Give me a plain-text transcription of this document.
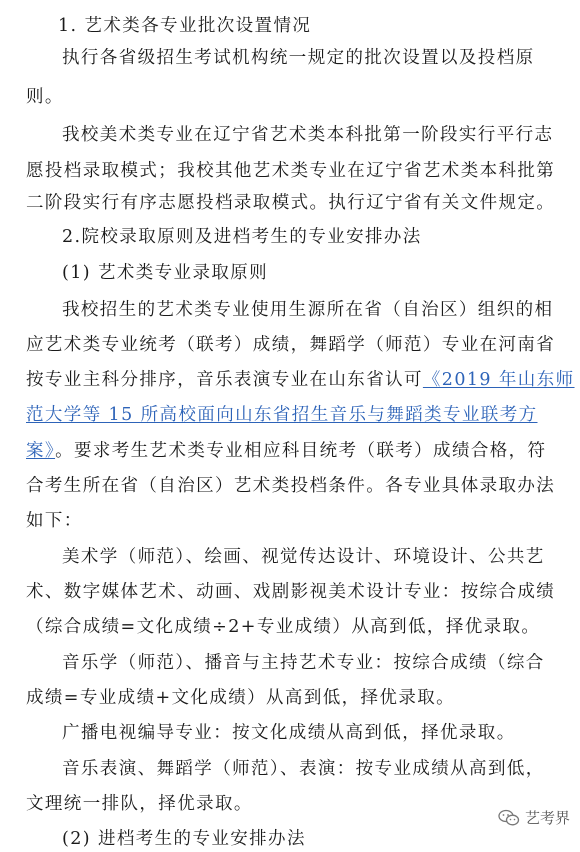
1. 艺术类各专业批次设置情况
执行各省级招生考试机构统一规定的批次设置以及投档原
则。
我校美术类专业在辽宁省艺术类本科批第一阶段实行平行志
愿投档录取模式；我校其他艺术类专业在辽宁省艺术类本科批第
二阶段实行有序志愿投档录取模式。执行辽宁省有关文件规定。
2.院校录取原则及进档考生的专业安排办法
(1) 艺术类专业录取原则
我校招生的艺术类专业使用生源所在省（自治区）组织的相
应艺术类专业统考（联考）成绩，舞蹈学（师范）专业在河南省
按专业主科分排序，音乐表演专业在山东省认可《2019 年山东师
范大学等 15 所高校面向山东省招生音乐与舞蹈类专业联考方
案》。要求考生艺术类专业相应科目统考（联考）成绩合格，符
合考生所在省（自治区）艺术类投档条件。各专业具体录取办法
如下：
美术学（师范）、绘画、视觉传达设计、环境设计、公共艺
术、数字媒体艺术、动画、戏剧影视美术设计专业：按综合成绩
（综合成绩=文化成绩÷2+专业成绩）从高到低，择优录取。
音乐学（师范）、播音与主持艺术专业：按综合成绩（综合
成绩=专业成绩+文化成绩）从高到低，择优录取。
广播电视编导专业：按文化成绩从高到低，择优录取。
音乐表演、舞蹈学（师范）、表演：按专业成绩从高到低，
文理统一排队，择优录取。
(2) 进档考生的专业安排办法
艺考界
